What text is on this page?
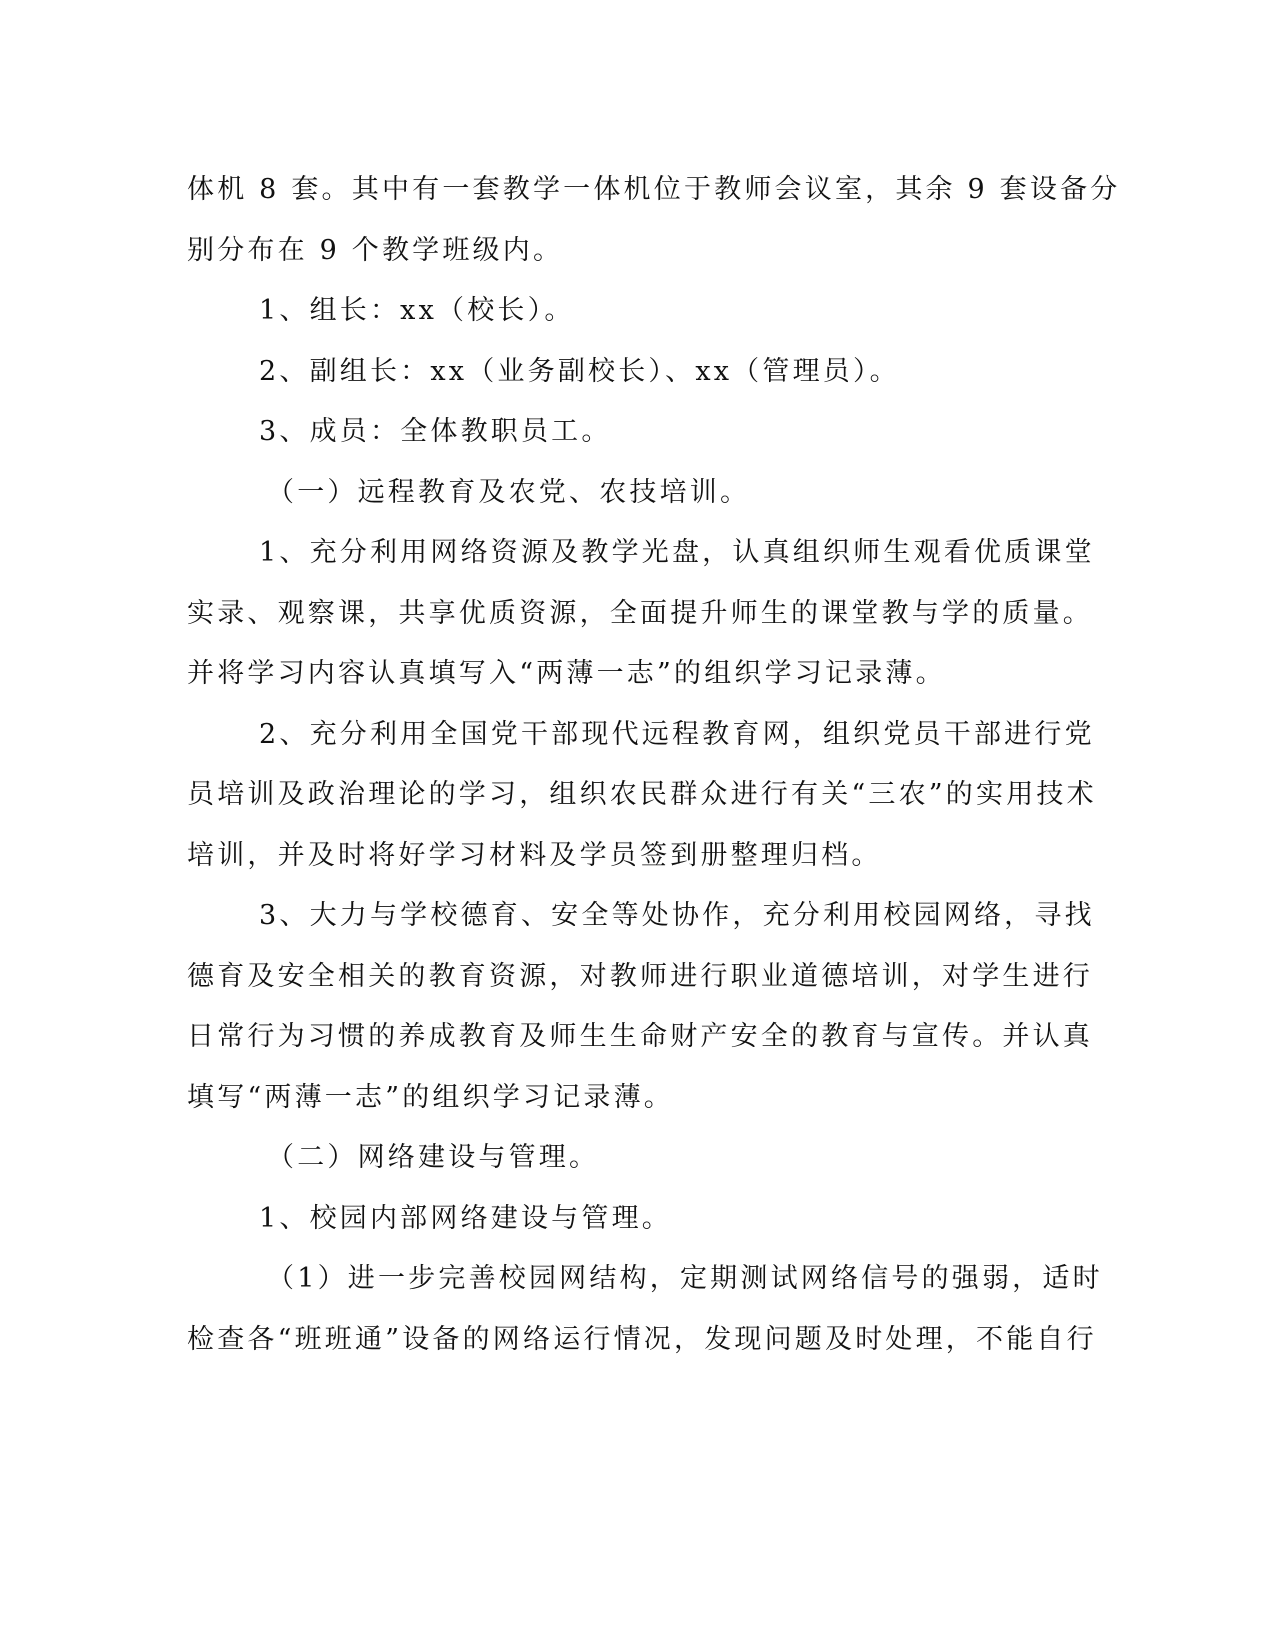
体机 8 套。其中有一套教学一体机位于教师会议室，其余 9 套设备分
别分布在 9 个教学班级内。
1、组长：xx（校长）。
2、副组长：xx（业务副校长）、xx（管理员）。
3、成员：全体教职员工。
（一）远程教育及农党、农技培训。
1、充分利用网络资源及教学光盘，认真组织师生观看优质课堂
实录、观察课，共享优质资源，全面提升师生的课堂教与学的质量。
并将学习内容认真填写入“两薄一志”的组织学习记录薄。
2、充分利用全国党干部现代远程教育网，组织党员干部进行党
员培训及政治理论的学习，组织农民群众进行有关“三农”的实用技术
培训，并及时将好学习材料及学员签到册整理归档。
3、大力与学校德育、安全等处协作，充分利用校园网络，寻找
德育及安全相关的教育资源，对教师进行职业道德培训，对学生进行
日常行为习惯的养成教育及师生生命财产安全的教育与宣传。并认真
填写“两薄一志”的组织学习记录薄。
（二）网络建设与管理。
1、校园内部网络建设与管理。
（1）进一步完善校园网结构，定期测试网络信号的强弱，适时
检查各“班班通”设备的网络运行情况，发现问题及时处理，不能自行
